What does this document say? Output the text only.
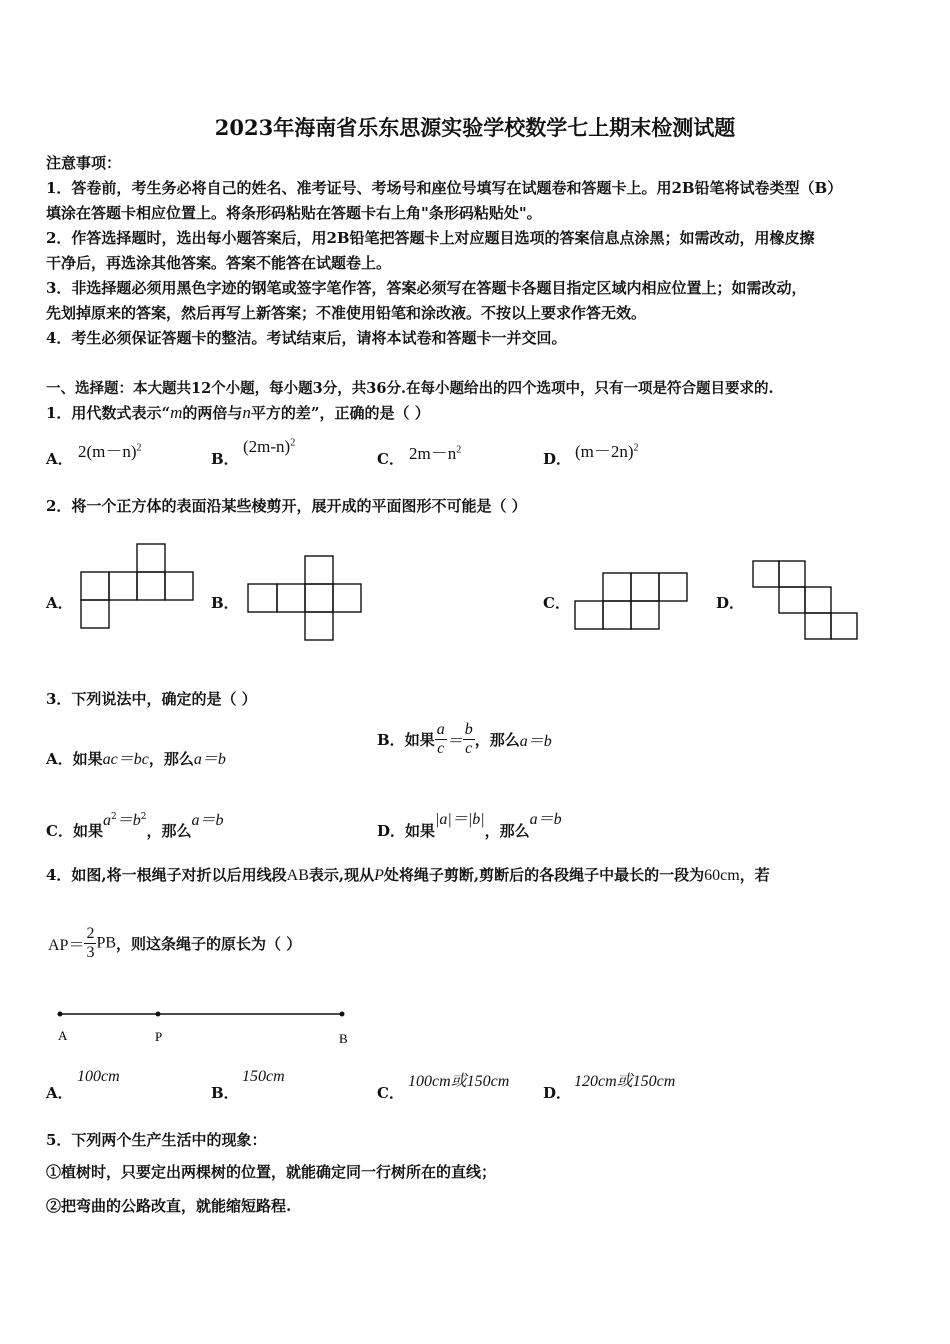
2023年海南省乐东思源实验学校数学七上期末检测试题
注意事项：
1．答卷前，考生务必将自己的姓名、准考证号、考场号和座位号填写在试题卷和答题卡上。用2B铅笔将试卷类型（B）
填涂在答题卡相应位置上。将条形码粘贴在答题卡右上角"条形码粘贴处"。
2．作答选择题时，选出每小题答案后，用2B铅笔把答题卡上对应题目选项的答案信息点涂黑；如需改动，用橡皮擦
干净后，再选涂其他答案。答案不能答在试题卷上。
3．非选择题必须用黑色字迹的钢笔或签字笔作答，答案必须写在答题卡各题目指定区域内相应位置上；如需改动，
先划掉原来的答案，然后再写上新答案；不准使用铅笔和涂改液。不按以上要求作答无效。
4．考生必须保证答题卡的整洁。考试结束后，请将本试卷和答题卡一并交回。
一、选择题：本大题共12个小题，每小题3分，共36分.在每小题给出的四个选项中，只有一项是符合题目要求的.
1．用代数式表示“m的两倍与n平方的差”，正确的是（ ）
A． $2(m-n)^2$
B．
$(2m-n)^2$
C． $2m-n^2$
D． $(m-2n)^2$
2．将一个正方体的表面沿某些棱剪开，展开成的平面图形不可能是（ ）
A．	B．	C．	D．
3．下列说法中，确定的是（ ）
A．如果ac＝bc，那么a＝b
B．如果 $\frac{a}{c} = \frac{b}{c}$ ，那么a＝b
C．如果$a^2=b^2$，那么a＝b
D．如果|a|＝|b|，那么a＝b
4．如图,将一根绳子对折以后用线段AB表示,现从P处将绳子剪断,剪断后的各段绳子中最长的一段为60cm，若
$AP= \frac{2}{3}$ PB，则这条绳子的原长为（ ）
A	P	B
A．
100cm
B．
150cm
C．
100cm或150cm
D．
120cm或150cm
5．下列两个生产生活中的现象：
①植树时，只要定出两棵树的位置，就能确定同一行树所在的直线；
②把弯曲的公路改直，就能缩短路程.
